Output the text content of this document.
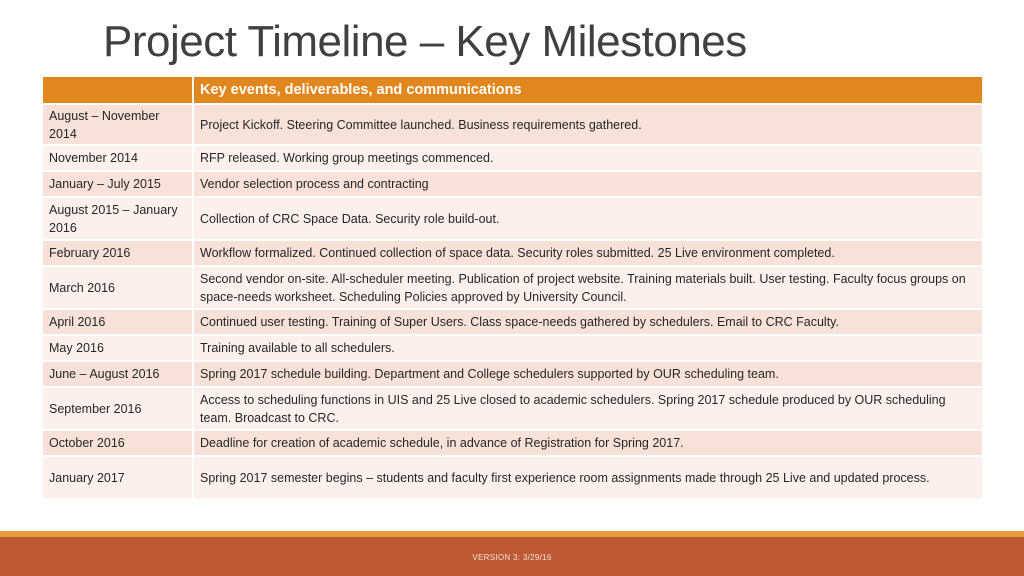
Project Timeline – Key Milestones
	Key events, deliverables, and communications
August – November 2014	Project Kickoff. Steering Committee launched. Business requirements gathered.
November 2014	RFP released. Working group meetings commenced.
January – July 2015	Vendor selection process and contracting
August 2015 – January 2016	Collection of CRC Space Data. Security role build-out.
February 2016	Workflow formalized. Continued collection of space data. Security roles submitted. 25 Live environment completed.
March 2016	Second vendor on-site. All-scheduler meeting. Publication of project website. Training materials built. User testing. Faculty focus groups on space-needs worksheet. Scheduling Policies approved by University Council.
April 2016	Continued user testing. Training of Super Users. Class space-needs gathered by schedulers. Email to CRC Faculty.
May 2016	Training available to all schedulers.
June – August 2016	Spring 2017 schedule building. Department and College schedulers supported by OUR scheduling team.
September 2016	Access to scheduling functions in UIS and 25 Live closed to academic schedulers. Spring 2017 schedule produced by OUR scheduling team. Broadcast to CRC.
October 2016	Deadline for creation of academic schedule, in advance of Registration for Spring 2017.
January 2017	Spring 2017 semester begins – students and faculty first experience room assignments made through 25 Live and updated process.
VERSION 3: 3/29/16
